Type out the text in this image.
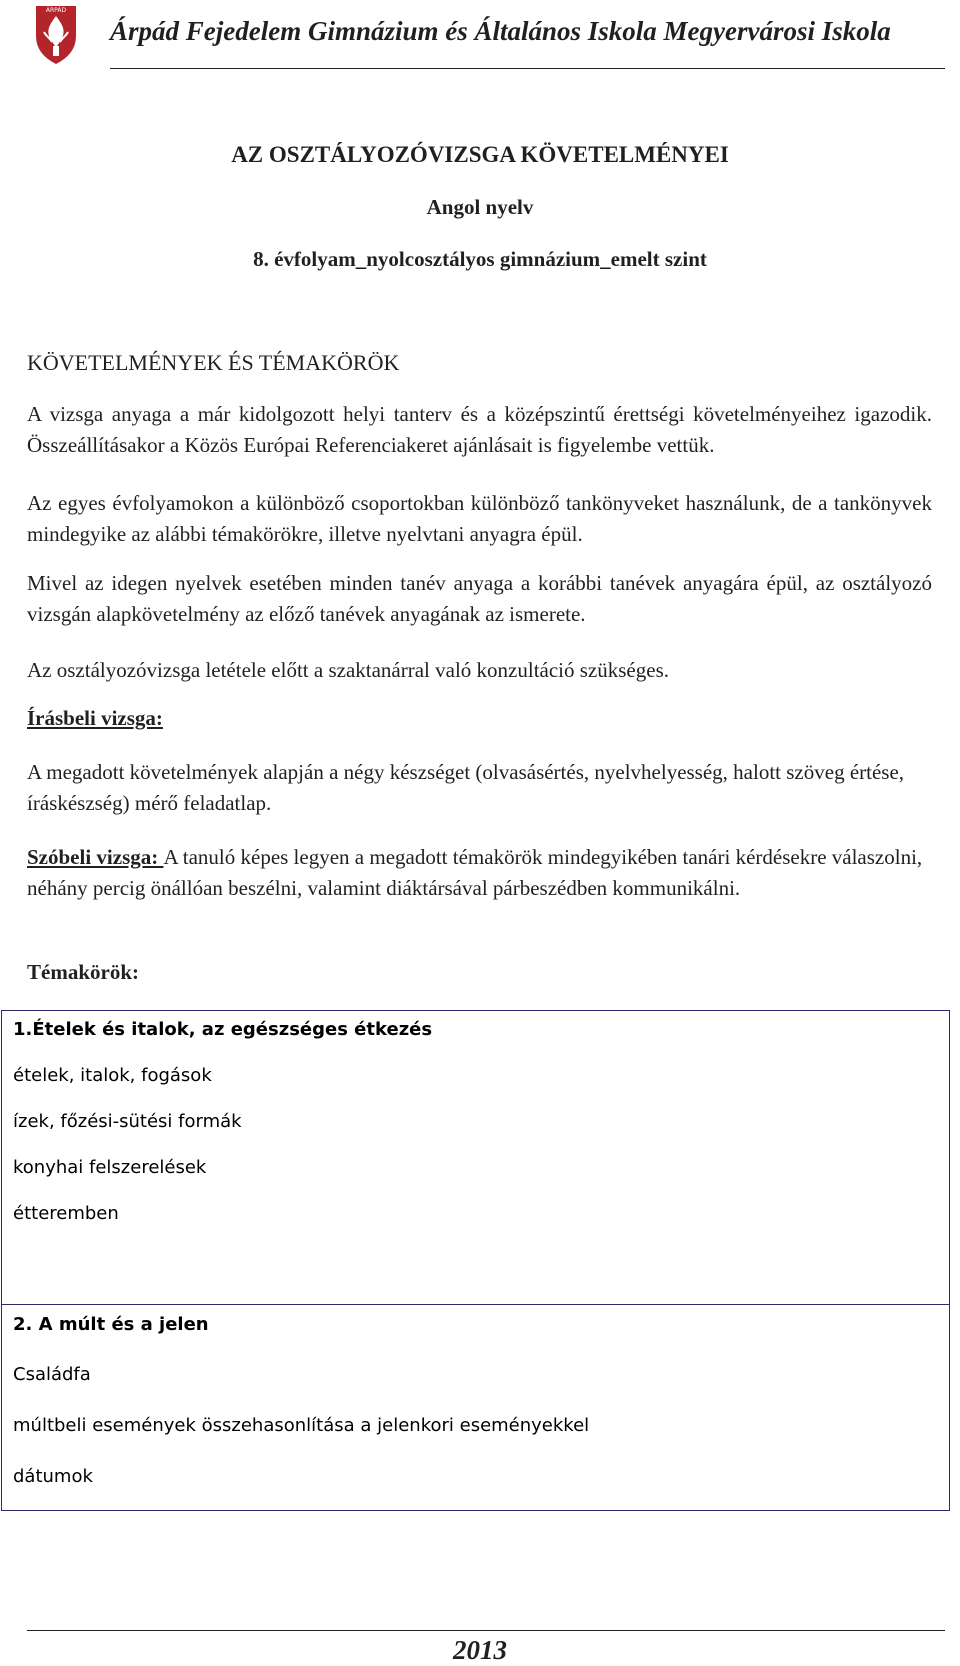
ÁRPÁD
Árpád Fejedelem Gimnázium és Általános Iskola Megyervárosi Iskola
AZ OSZTÁLYOZÓVIZSGA KÖVETELMÉNYEI
Angol nyelv
8. évfolyam_nyolcosztályos gimnázium_emelt szint
KÖVETELMÉNYEK ÉS TÉMAKÖRÖK
A vizsga anyaga a már kidolgozott helyi tanterv és a középszintű érettségi követelményeihez igazodik. Összeállításakor a Közös Európai Referenciakeret ajánlásait is figyelembe vettük.
Az egyes évfolyamokon a különböző csoportokban különböző tankönyveket használunk, de a tankönyvek mindegyike az alábbi témakörökre, illetve nyelvtani anyagra épül.
Mivel az idegen nyelvek esetében minden tanév anyaga a korábbi tanévek anyagára épül, az osztályozó vizsgán alapkövetelmény az előző tanévek anyagának az ismerete.
Az osztályozóvizsga letétele előtt a szaktanárral való konzultáció szükséges.
Írásbeli vizsga:
A megadott követelmények alapján a négy készséget (olvasásértés, nyelvhelyesség, halott szöveg értése, íráskészség) mérő feladatlap.
Szóbeli vizsga: A tanuló képes legyen a megadott témakörök mindegyikében tanári kérdésekre válaszolni, néhány percig önállóan beszélni, valamint diáktársával párbeszédben kommunikálni.
Témakörök:
1.Ételek és italok, az egészséges étkezés
ételek, italok, fogások
ízek, főzési-sütési formák
konyhai felszerelések
étteremben
2. A múlt és a jelen
Családfa
múltbeli események összehasonlítása a jelenkori eseményekkel
dátumok
2013
